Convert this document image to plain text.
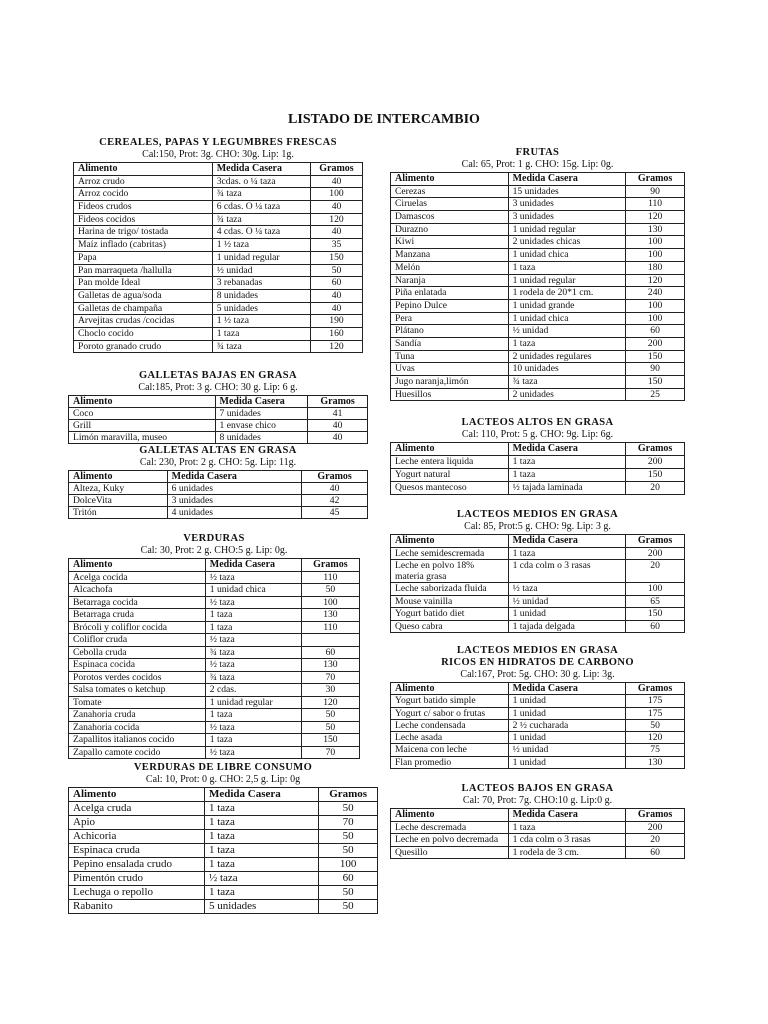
LISTADO DE INTERCAMBIO
CEREALES, PAPAS Y LEGUMBRES FRESCAS
Cal:150, Prot: 3g. CHO: 30g. Lip: 1g.
Alimento	Medida Casera	Gramos
Arroz crudo	3cdas. o ¼ taza	40
Arroz cocido	¾ taza	100
Fideos crudos	6 cdas. O ¼ taza	40
Fideos cocidos	¾ taza	120
Harina de trigo/ tostada	4 cdas. O ¼ taza	40
Maíz inflado (cabritas)	1 ½ taza	35
Papa	1 unidad regular	150
Pan marraqueta /hallulla	½ unidad	50
Pan molde Ideal	3 rebanadas	60
Galletas de agua/soda	8 unidades	40
Galletas de champaña	5 unidades	40
Arvejitas crudas /cocidas	1 ½ taza	190
Choclo cocido	1 taza	160
Poroto granado crudo	¾ taza	120
GALLETAS BAJAS EN GRASA
Cal:185, Prot: 3 g. CHO: 30 g. Lip: 6 g.
Alimento	Medida Casera	Gramos
Coco	7 unidades	41
Grill	1 envase chico	40
Limón maravilla, museo	8 unidades	40
GALLETAS ALTAS EN GRASA
Cal: 230, Prot: 2 g. CHO: 5g. Lip: 11g.
Alimento	Medida Casera	Gramos
Alteza, Kuky	6 unidades	40
DolceVita	3 unidades	42
Tritón	4 unidades	45
VERDURAS
Cal: 30, Prot: 2 g. CHO:5 g. Lip: 0g.
Alimento	Medida Casera	Gramos
Acelga cocida	½ taza	110
Alcachofa	1 unidad chica	50
Betarraga cocida	½ taza	100
Betarraga cruda	1 taza	130
Brócoli y coliflor cocida	1 taza	110
Coliflor cruda	½ taza	
Cebolla cruda	¾ taza	60
Espinaca cocida	½ taza	130
Porotos verdes cocidos	¾ taza	70
Salsa tomates o ketchup	2 cdas.	30
Tomate	1 unidad regular	120
Zanahoria cruda	1 taza	50
Zanahoria cocida	½ taza	50
Zapallitos italianos cocido	1 taza	150
Zapallo camote cocido	½ taza	70
VERDURAS DE LIBRE CONSUMO
Cal: 10, Prot: 0 g. CHO: 2,5 g. Lip: 0g
Alimento	Medida Casera	Gramos
Acelga cruda	1 taza	50
Apio	1 taza	70
Achicoria	1 taza	50
Espinaca cruda	1 taza	50
Pepino ensalada crudo	1 taza	100
Pimentón crudo	½ taza	60
Lechuga o repollo	1 taza	50
Rabanito	5 unidades	50
FRUTAS
Cal: 65, Prot: 1 g. CHO: 15g. Lip: 0g.
Alimento	Medida Casera	Gramos
Cerezas	15 unidades	90
Ciruelas	3 unidades	110
Damascos	3 unidades	120
Durazno	1 unidad regular	130
Kiwi	2 unidades chicas	100
Manzana	1 unidad chica	100
Melón	1 taza	180
Naranja	1 unidad regular	120
Piña enlatada	1 rodela de 20*1 cm.	240
Pepino Dulce	1 unidad grande	100
Pera	1 unidad chica	100
Plátano	½ unidad	60
Sandía	1 taza	200
Tuna	2 unidades regulares	150
Uvas	10 unidades	90
Jugo naranja,limón	¾ taza	150
Huesillos	2 unidades	25
LACTEOS ALTOS EN GRASA
Cal: 110, Prot: 5 g. CHO: 9g. Lip: 6g.
Alimento	Medida Casera	Gramos
Leche entera liquida	1 taza	200
Yogurt natural	1 taza	150
Quesos mantecoso	½ tajada laminada	20
LACTEOS MEDIOS EN GRASA
Cal: 85, Prot:5 g. CHO: 9g. Lip: 3 g.
Alimento	Medida Casera	Gramos
Leche semidescremada	1 taza	200
Leche en polvo 18% materia grasa	1 cda colm o 3 rasas	20
Leche saborizada fluida	½ taza	100
Mouse vainilla	½ unidad	65
Yogurt batido diet	1 unidad	150
Queso cabra	1 tajada delgada	60
LACTEOS MEDIOS EN GRASA
RICOS EN HIDRATOS DE CARBONO
Cal:167, Prot: 5g. CHO: 30 g. Lip: 3g.
Alimento	Medida Casera	Gramos
Yogurt batido simple	1 unidad	175
Yogurt c/ sabor o frutas	1 unidad	175
Leche condensada	2 ½ cucharada	50
Leche asada	1 unidad	120
Maicena con leche	½ unidad	75
Flan promedio	1 unidad	130
LACTEOS BAJOS EN GRASA
Cal: 70, Prot: 7g. CHO:10 g. Lip:0 g.
Alimento	Medida Casera	Gramos
Leche descremada	1 taza	200
Leche en polvo decremada	1 cda colm o 3 rasas	20
Quesillo	1 rodela de 3 cm.	60
